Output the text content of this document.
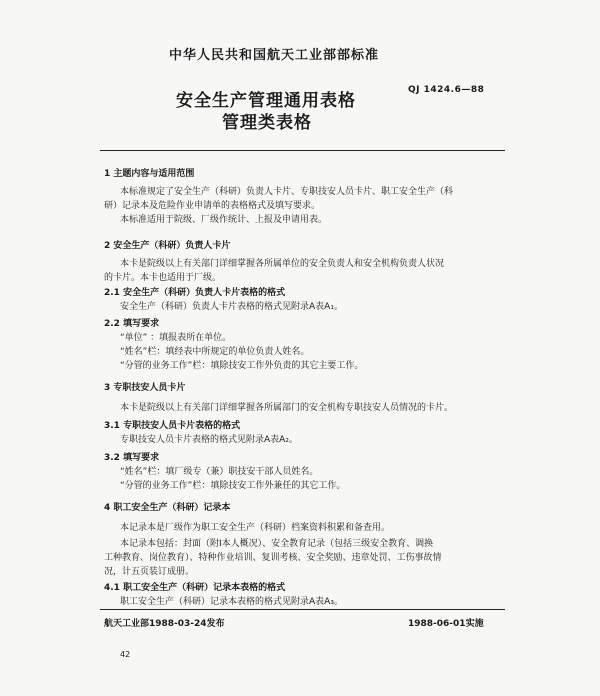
中华人民共和国航天工业部部标准
QJ 1424.6—88
安全生产管理通用表格
管理类表格
1 主题内容与适用范围
本标准规定了安全生产（科研）负责人卡片、专职技安人员卡片、职工安全生产（科
研）记录本及危险作业申请单的表格格式及填写要求。
本标准适用于院级、厂级作统计、上报及申请用表。
2 安全生产（科研）负责人卡片
本卡是院级以上有关部门详细掌握各所属单位的安全负责人和安全机构负责人状况
的卡片。本卡也适用于厂级。
2.1 安全生产（科研）负责人卡片表格的格式
安全生产（科研）负责人卡片表格的格式见附录A表A₁。
2.2 填写要求
“单位” ：填报表所在单位。
“姓名”栏：填经表中所规定的单位负责人姓名。
“分管的业务工作”栏：填除技安工作外负责的其它主要工作。
3 专职技安人员卡片
本卡是院级以上有关部门详细掌握各所属部门的安全机构专职技安人员情况的卡片。
3.1 专职技安人员卡片表格的格式
专职技安人员卡片表格的格式见附录A表A₂。
3.2 填写要求
“姓名”栏：填厂级专（兼）职技安干部人员姓名。
“分管的业务工作”栏：填除技安工作外兼任的其它工作。
4 职工安全生产（科研）记录本
本记录本是厂级作为职工安全生产（科研）档案资料积累和备查用。
本记录本包括：封面（附Ⅰ本人概况）、安全教育记录（包括三级安全教育、调换
工种教育、岗位教育）、特种作业培训、复训考核、安全奖励、违章处罚、工伤事故情
况，计五页装订成册。
4.1 职工安全生产（科研）记录本表格的格式
职工安全生产（科研）记录本表格的格式见附录A表A₃。
航天工业部1988-03-24发布	1988-06-01实施
42
